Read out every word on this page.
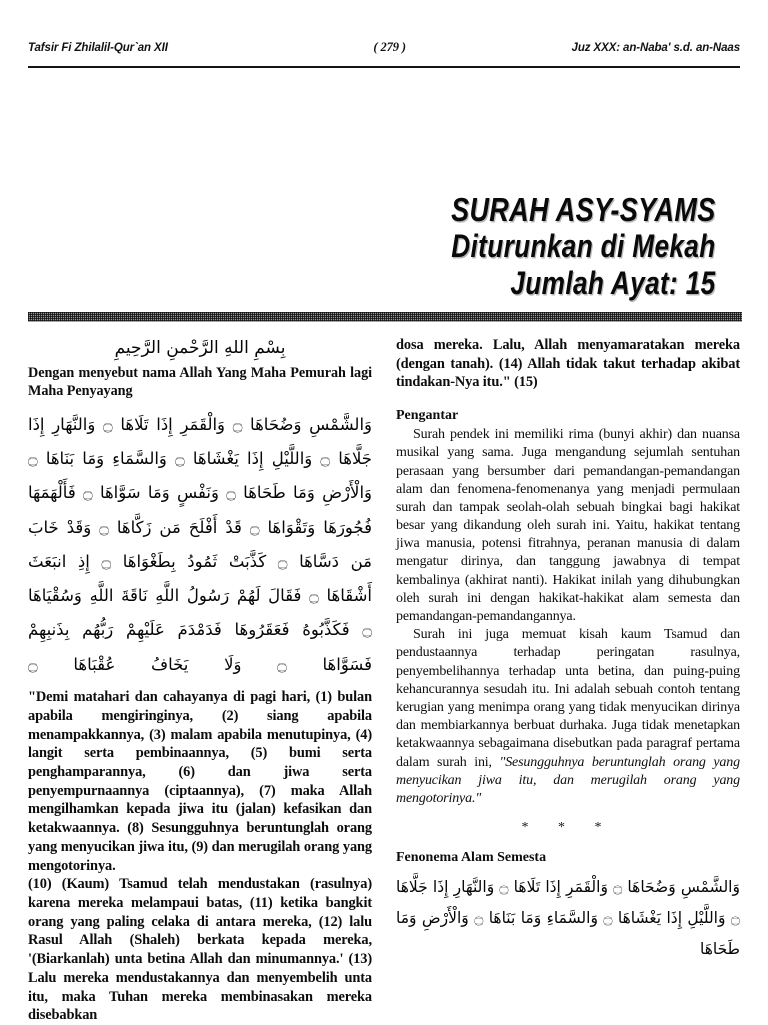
Tafsir Fi Zhilalil-Qur`an XII	( 279 )	Juz XXX: an-Naba' s.d. an-Naas
SURAH ASY-SYAMS
Diturunkan di Mekah
Jumlah Ayat: 15
بِسْمِ اللهِ الرَّحْمنِ الرَّحِيمِ

Dengan menyebut nama Allah Yang Maha Pemurah lagi Maha Penyayang

وَالشَّمْسِ وَضُحَاهَا ۝ وَالْقَمَرِ إِذَا تَلَاهَا ۝ وَالنَّهَارِ إِذَا جَلَّاهَا ۝ وَاللَّيْلِ إِذَا يَغْشَاهَا ۝ وَالسَّمَاءِ وَمَا بَنَاهَا ۝ وَالْأَرْضِ وَمَا طَحَاهَا ۝ وَنَفْسٍ وَمَا سَوَّاهَا ۝ فَأَلْهَمَهَا فُجُورَهَا وَتَقْوَاهَا ۝ قَدْ أَفْلَحَ مَن زَكَّاهَا ۝ وَقَدْ خَابَ مَن دَسَّاهَا ۝ كَذَّبَتْ ثَمُودُ بِطَغْوَاهَا ۝ إِذِ انبَعَثَ أَشْقَاهَا ۝ فَقَالَ لَهُمْ رَسُولُ اللَّهِ نَاقَةَ اللَّهِ وَسُقْيَاهَا ۝ فَكَذَّبُوهُ فَعَقَرُوهَا فَدَمْدَمَ عَلَيْهِمْ رَبُّهُم بِذَنبِهِمْ فَسَوَّاهَا ۝ وَلَا يَخَافُ عُقْبَاهَا ۝

"Demi matahari dan cahayanya di pagi hari, (1) bulan apabila mengiringinya, (2) siang apabila menampakkannya, (3) malam apabila menutupinya, (4) langit serta pembinaannya, (5) bumi serta penghamparannya, (6) dan jiwa serta penyempurnaannya (ciptaannya), (7) maka Allah mengilhamkan kepada jiwa itu (jalan) kefasikan dan ketakwaannya. (8) Sesungguhnya beruntunglah orang yang menyucikan jiwa itu, (9) dan merugilah orang yang mengotorinya.

(10) (Kaum) Tsamud telah mendustakan (rasulnya) karena mereka melampaui batas, (11) ketika bangkit orang yang paling celaka di antara mereka, (12) lalu Rasul Allah (Shaleh) berkata kepada mereka, '(Biarkanlah) unta betina Allah dan minumannya.' (13) Lalu mereka mendustakannya dan menyembelih unta itu, maka Tuhan mereka membinasakan mereka disebabkan

dosa mereka. Lalu, Allah menyamaratakan mereka (dengan tanah). (14) Allah tidak takut terhadap akibat tindakan-Nya itu." (15)

Pengantar

Surah pendek ini memiliki rima (bunyi akhir) dan nuansa musikal yang sama. Juga mengandung sejumlah sentuhan perasaan yang bersumber dari pemandangan-pemandangan alam dan fenomena-fenomenanya yang menjadi permulaan surah dan tampak seolah-olah sebuah bingkai bagi hakikat besar yang dikandung oleh surah ini. Yaitu, hakikat tentang jiwa manusia, potensi fitrahnya, peranan manusia di dalam mengatur dirinya, dan tanggung jawabnya di tempat kembalinya (akhirat nanti). Hakikat inilah yang dihubungkan oleh surah ini dengan hakikat-hakikat alam semesta dan pemandangan-pemandangannya.

Surah ini juga memuat kisah kaum Tsamud dan pendustaannya terhadap peringatan rasulnya, penyembelihannya terhadap unta betina, dan puing-puing kehancurannya sesudah itu. Ini adalah sebuah contoh tentang kerugian yang menimpa orang yang tidak menyucikan dirinya dan membiarkannya berbuat durhaka. Juga tidak menetapkan ketakwaannya sebagaimana disebutkan pada paragraf pertama dalam surah ini, "Sesungguhnya beruntunglah orang yang menyucikan jiwa itu, dan merugilah orang yang mengotorinya."

* * *
Fenonema Alam Semesta
وَالشَّمْسِ وَضُحَاهَا ۝ وَالْقَمَرِ إِذَا تَلَاهَا ۝ وَالنَّهَارِ إِذَا جَلَّاهَا ۝ وَاللَّيْلِ إِذَا يَغْشَاهَا ۝ وَالسَّمَاءِ وَمَا بَنَاهَا ۝ وَالْأَرْضِ وَمَا طَحَاهَا
